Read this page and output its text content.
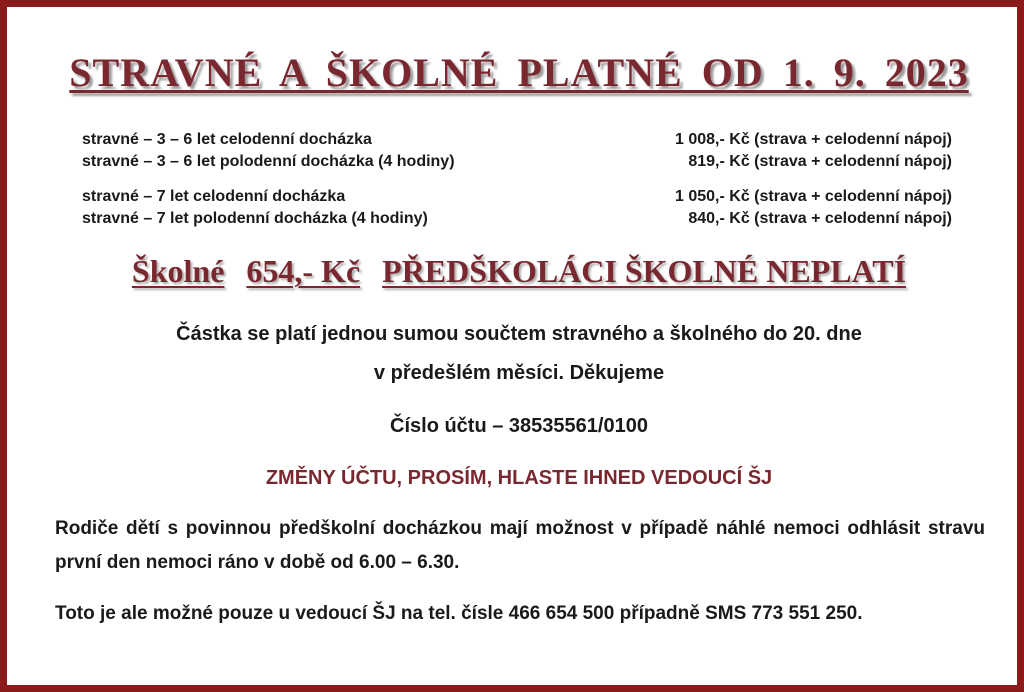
STRAVNÉ A ŠKOLNÉ PLATNÉ OD 1. 9. 2023
stravné – 3 – 6 let celodenní docházka	1 008,- Kč (strava + celodenní nápoj)
stravné – 3 – 6 let polodenní docházka (4 hodiny)	819,- Kč (strava + celodenní nápoj)
stravné – 7 let celodenní docházka	1 050,- Kč (strava + celodenní nápoj)
stravné – 7 let polodenní docházka (4 hodiny)	840,- Kč (strava + celodenní nápoj)
Školné 654,- Kč PŘEDŠKOLÁCI ŠKOLNÉ NEPLATÍ
Částka se platí jednou sumou součtem stravného a školného do 20. dne
v předešlém měsíci. Děkujeme
Číslo účtu – 38535561/0100
ZMĚNY ÚČTU, PROSÍM, HLASTE IHNED VEDOUCÍ ŠJ
Rodiče dětí s povinnou předškolní docházkou mají možnost v případě náhlé nemoci odhlásit stravu první den nemoci ráno v době od 6.00 – 6.30.
Toto je ale možné pouze u vedoucí ŠJ na tel. čísle 466 654 500 případně SMS 773 551 250.
